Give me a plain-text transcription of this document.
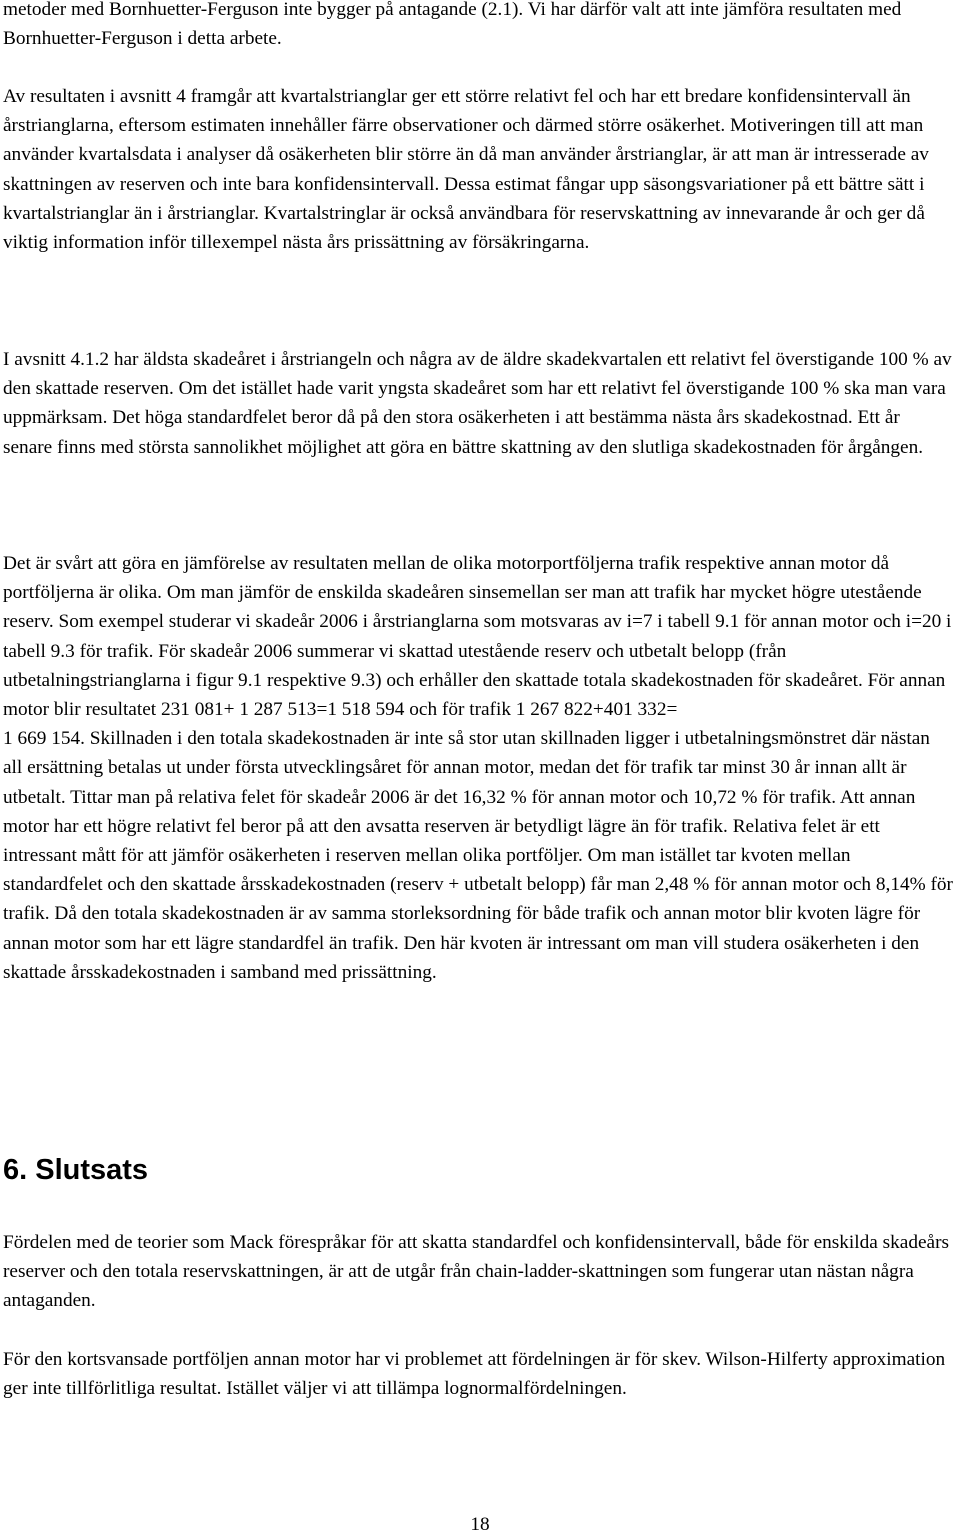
metoder med Bornhuetter-Ferguson inte bygger på antagande (2.1). Vi har därför valt att inte jämföra resultaten med Bornhuetter-Ferguson i detta arbete.

Av resultaten i avsnitt 4 framgår att kvartalstrianglar ger ett större relativt fel och har ett bredare konfidensintervall än årstrianglarna, eftersom estimaten innehåller färre observationer och därmed större osäkerhet. Motiveringen till att man använder kvartalsdata i analyser då osäkerheten blir större än då man använder årstrianglar, är att man är intresserade av skattningen av reserven och inte bara konfidensintervall. Dessa estimat fångar upp säsongsvariationer på ett bättre sätt i kvartalstrianglar än i årstrianglar. Kvartalstringlar är också användbara för reservskattning av innevarande år och ger då viktig information inför tillexempel nästa års prissättning av försäkringarna.

I avsnitt 4.1.2 har äldsta skadeåret i årstriangeln och några av de äldre skadekvartalen ett relativt fel överstigande 100 % av den skattade reserven. Om det istället hade varit yngsta skadeåret som har ett relativt fel överstigande 100 % ska man vara uppmärksam. Det höga standardfelet beror då på den stora osäkerheten i att bestämma nästa års skadekostnad. Ett år senare finns med största sannolikhet möjlighet att göra en bättre skattning av den slutliga skadekostnaden för årgången.

Det är svårt att göra en jämförelse av resultaten mellan de olika motorportföljerna trafik respektive annan motor då portföljerna är olika. Om man jämför de enskilda skadeåren sinsemellan ser man att trafik har mycket högre utestående reserv. Som exempel studerar vi skadeår 2006 i årstrianglarna som motsvaras av i=7 i tabell 9.1 för annan motor och i=20 i tabell 9.3 för trafik. För skadeår 2006 summerar vi skattad utestående reserv och utbetalt belopp (från utbetalningstrianglarna i figur 9.1 respektive 9.3) och erhåller den skattade totala skadekostnaden för skadeåret. För annan motor blir resultatet 231 081+ 1 287 513=1 518 594 och för trafik 1 267 822+401 332=
1 669 154. Skillnaden i den totala skadekostnaden är inte så stor utan skillnaden ligger i utbetalningsmönstret där nästan all ersättning betalas ut under första utvecklingsåret för annan motor, medan det för trafik tar minst 30 år innan allt är utbetalt. Tittar man på relativa felet för skadeår 2006 är det 16,32 % för annan motor och 10,72 % för trafik. Att annan motor har ett högre relativt fel beror på att den avsatta reserven är betydligt lägre än för trafik. Relativa felet är ett intressant mått för att jämför osäkerheten i reserven mellan olika portföljer. Om man istället tar kvoten mellan standardfelet och den skattade årsskadekostnaden (reserv + utbetalt belopp) får man 2,48 % för annan motor och 8,14% för trafik. Då den totala skadekostnaden är av samma storleksordning för både trafik och annan motor blir kvoten lägre för annan motor som har ett lägre standardfel än trafik. Den här kvoten är intressant om man vill studera osäkerheten i den skattade årsskadekostnaden i samband med prissättning.

6. Slutsats

Fördelen med de teorier som Mack förespråkar för att skatta standardfel och konfidensintervall, både för enskilda skadeårs reserver och den totala reservskattningen, är att de utgår från chain-ladder-skattningen som fungerar utan nästan några antaganden.

För den kortsvansade portföljen annan motor har vi problemet att fördelningen är för skev. Wilson-Hilferty approximation ger inte tillförlitliga resultat. Istället väljer vi att tillämpa lognormalfördelningen.

18
